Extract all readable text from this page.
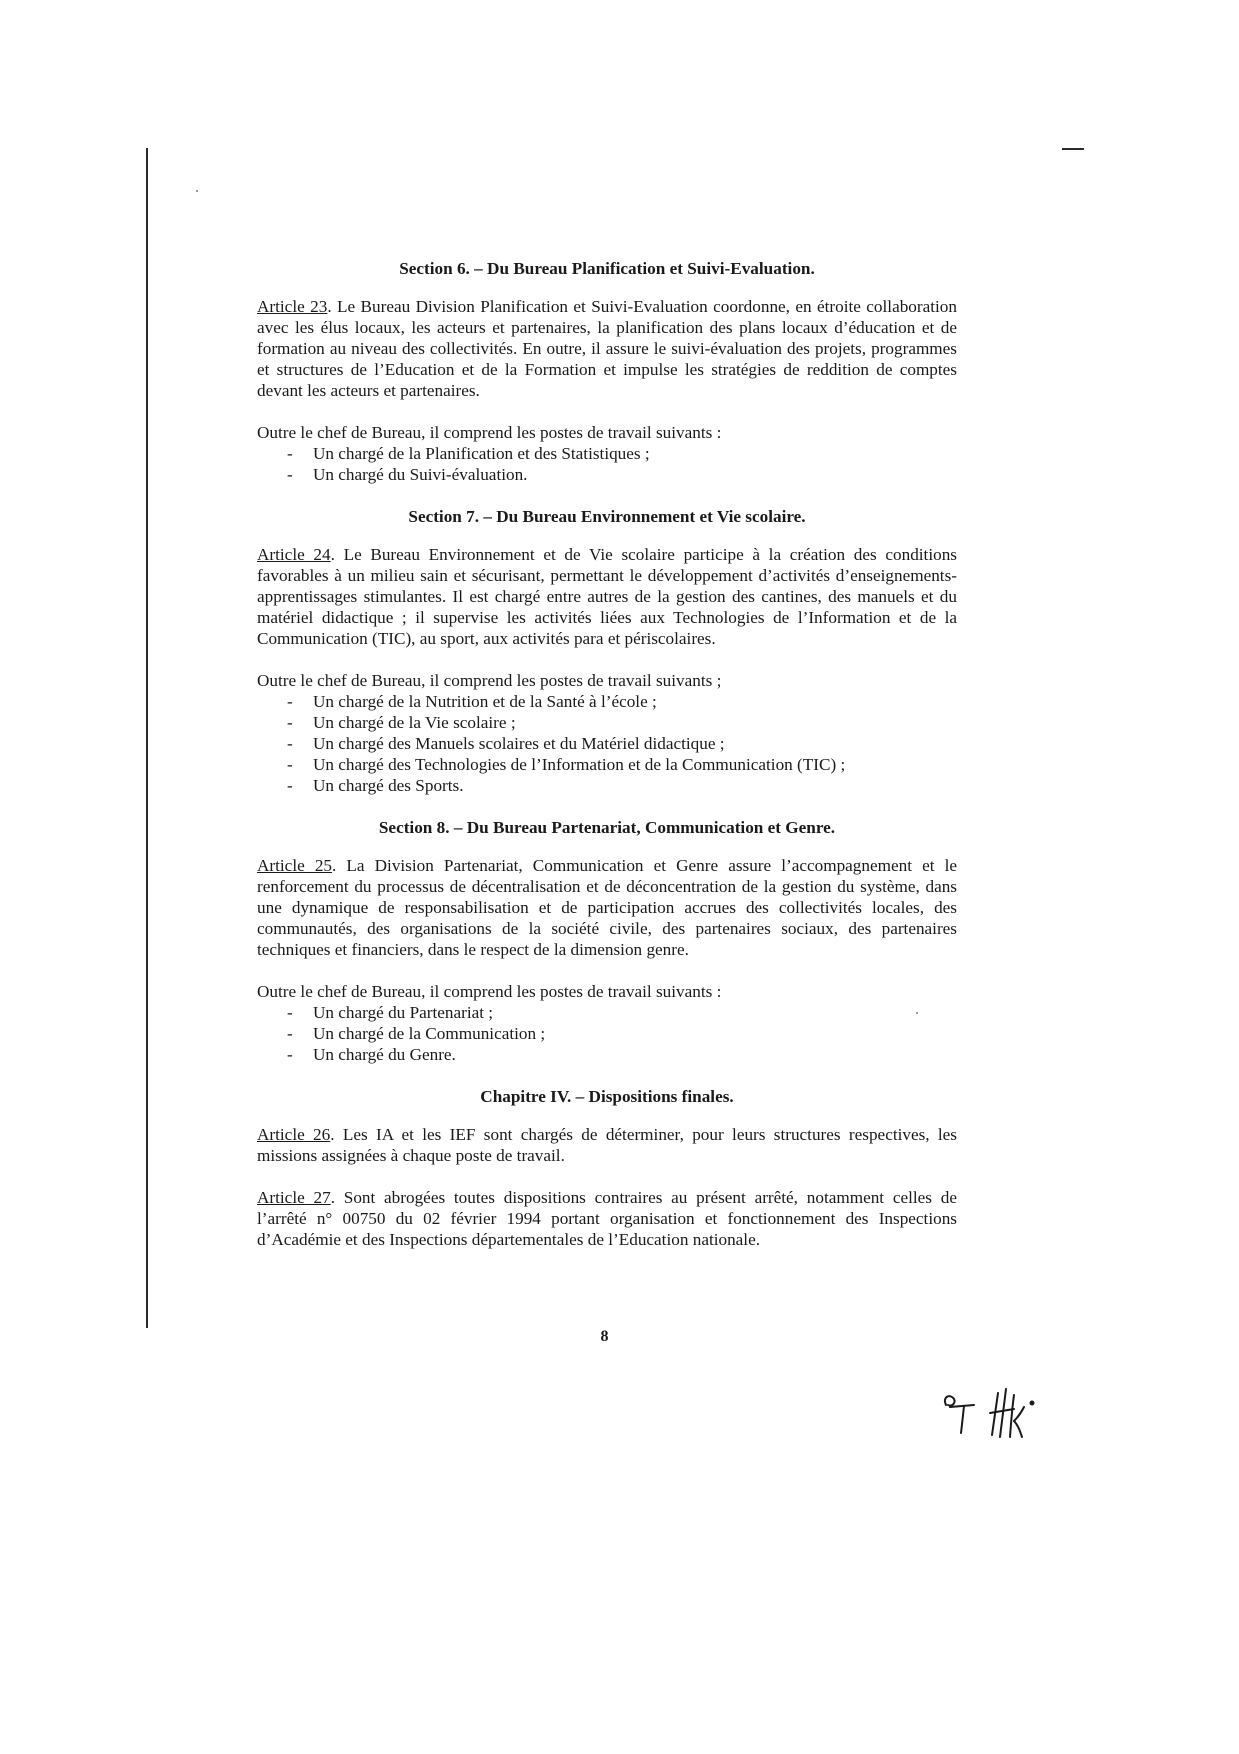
Section 6. – Du Bureau Planification et Suivi-Evaluation.

Article 23. Le Bureau Division Planification et Suivi-Evaluation coordonne, en étroite collaboration avec les élus locaux, les acteurs et partenaires, la planification des plans locaux d’éducation et de formation au niveau des collectivités. En outre, il assure le suivi-évaluation des projets, programmes et structures de l’Education et de la Formation et impulse les stratégies de reddition de comptes devant les acteurs et partenaires.

Outre le chef de Bureau, il comprend les postes de travail suivants :

- Un chargé de la Planification et des Statistiques ;
- Un chargé du Suivi-évaluation.

Section 7. – Du Bureau Environnement et Vie scolaire.

Article 24. Le Bureau Environnement et de Vie scolaire participe à la création des conditions favorables à un milieu sain et sécurisant, permettant le développement d’activités d’enseignements-apprentissages stimulantes. Il est chargé entre autres de la gestion des cantines, des manuels et du matériel didactique ; il supervise les activités liées aux Technologies de l’Information et de la Communication (TIC), au sport, aux activités para et périscolaires.

Outre le chef de Bureau, il comprend les postes de travail suivants ;

- Un chargé de la Nutrition et de la Santé à l’école ;
- Un chargé de la Vie scolaire ;
- Un chargé des Manuels scolaires et du Matériel didactique ;
- Un chargé des Technologies de l’Information et de la Communication (TIC) ;
- Un chargé des Sports.

Section 8. – Du Bureau Partenariat, Communication et Genre.

Article 25. La Division Partenariat, Communication et Genre assure l’accompagnement et le renforcement du processus de décentralisation et de déconcentration de la gestion du système, dans une dynamique de responsabilisation et de participation accrues des collectivités locales, des communautés, des organisations de la société civile, des partenaires sociaux, des partenaires techniques et financiers, dans le respect de la dimension genre.

Outre le chef de Bureau, il comprend les postes de travail suivants :

- Un chargé du Partenariat ;
- Un chargé de la Communication ;
- Un chargé du Genre.

Chapitre IV. – Dispositions finales.

Article 26. Les IA et les IEF sont chargés de déterminer, pour leurs structures respectives, les missions assignées à chaque poste de travail.

Article 27. Sont abrogées toutes dispositions contraires au présent arrêté, notamment celles de l’arrêté n° 00750 du 02 février 1994 portant organisation et fonctionnement des Inspections d’Académie et des Inspections départementales de l’Education nationale.

8
